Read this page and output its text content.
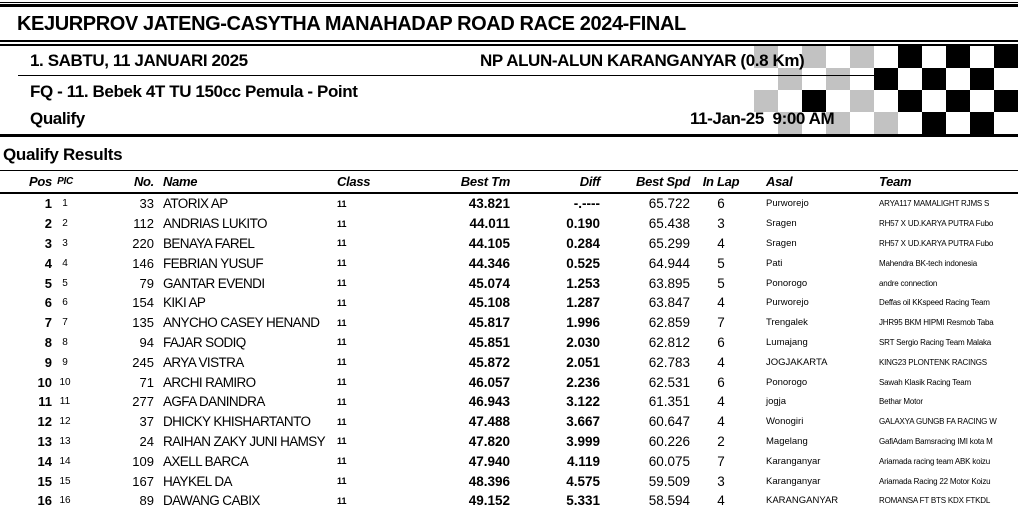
KEJURPROV JATENG-CASYTHA MANAHADAP ROAD RACE 2024-FINAL
1. SABTU, 11 JANUARI 2025	NP ALUN-ALUN KARANGANYAR (0.8 Km)
FQ - 11. Bebek 4T TU 150cc Pemula - Point
Qualify	11-Jan-25  9:00 AM
Qualify Results
Pos PIC	No. Name	Class	Best Tm	Diff	Best Spd In Lap	Asal	Team
1	1	33 ATORIX AP	11	43.821	-.----	65.722	6	Purworejo	ARYA117 MAMALIGHT RJMS S
2	2	112 ANDRIAS LUKITO	11	44.011	0.190	65.438	3	Sragen	RH57 X UD.KARYA PUTRA Fubo
3	3	220 BENAYA FAREL	11	44.105	0.284	65.299	4	Sragen	RH57 X UD.KARYA PUTRA Fubo
4	4	146 FEBRIAN YUSUF	11	44.346	0.525	64.944	5	Pati	Mahendra BK-tech indonesia
5	5	79 GANTAR EVENDI	11	45.074	1.253	63.895	5	Ponorogo	andre connection
6	6	154 KIKI AP	11	45.108	1.287	63.847	4	Purworejo	Deffas oil KKspeed Racing Team
7	7	135 ANYCHO CASEY HENAND	11	45.817	1.996	62.859	7	Trengalek	JHR95 BKM HIPMI Resmob Taba
8	8	94 FAJAR SODIQ	11	45.851	2.030	62.812	6	Lumajang	SRT Sergio Racing Team Malaka
9	9	245 ARYA VISTRA	11	45.872	2.051	62.783	4	JOGJAKARTA	KING23 PLONTENK RACINGS
10 10	71 ARCHI RAMIRO	11	46.057	2.236	62.531	6	Ponorogo	Sawah Klasik Racing Team
11 11	277 AGFA DANINDRA	11	46.943	3.122	61.351	4	jogja	Bethar Motor
12 12	37 DHICKY KHISHARTANTO	11	47.488	3.667	60.647	4	Wonogiri	GALAXYA GUNGB FA RACING W
13 13	24 RAIHAN ZAKY JUNI HAMSY	11	47.820	3.999	60.226	2	Magelang	GafiAdam Bamsracing IMI kota M
14 14	109 AXELL BARCA	11	47.940	4.119	60.075	7	Karanganyar	Ariamada racing team ABK koizu
15 15	167 HAYKEL DA	11	48.396	4.575	59.509	3	Karanganyar	Ariamada Racing 22 Motor Koizu
16 16	89 DAWANG CABIX	11	49.152	5.331	58.594	4	KARANGANYAR	ROMANSA FT BTS KDX FTKDL
